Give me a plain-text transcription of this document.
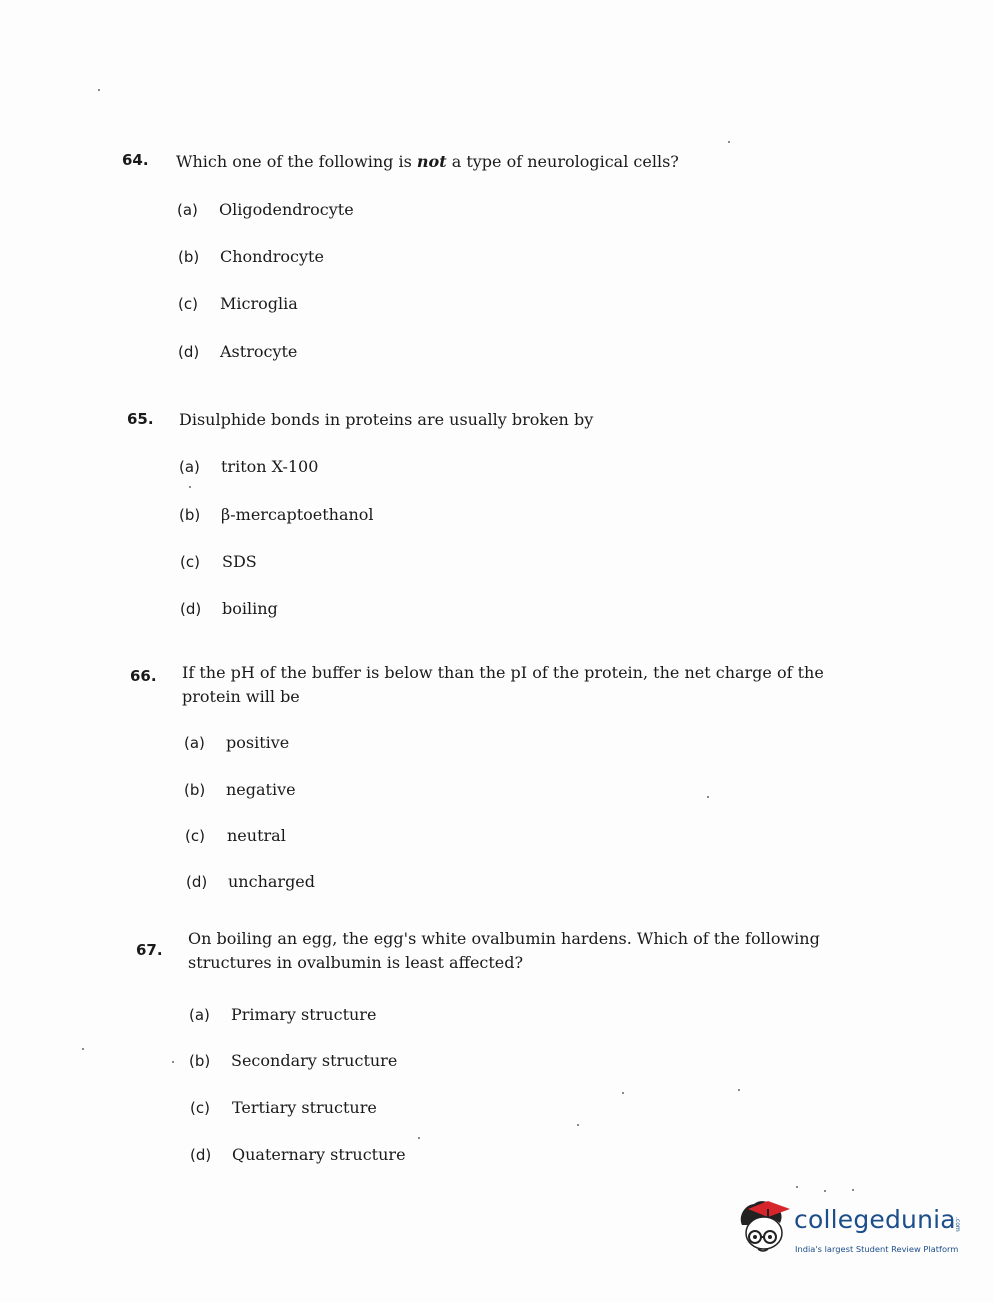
64. Which one of the following is not a type of neurological cells?
(a) Oligodendrocyte
(b) Chondrocyte
(c) Microglia
(d) Astrocyte
65. Disulphide bonds in proteins are usually broken by
(a) triton X-100
(b) β-mercaptoethanol
(c) SDS
(d) boiling
66. If the pH of the buffer is below than the pI of the protein, the net charge of the protein will be
(a) positive
(b) negative
(c) neutral
(d) uncharged
67.
On boiling an egg, the egg's white ovalbumin hardens. Which of the following structures in ovalbumin is least affected?
(a) Primary structure
(b) Secondary structure
(c) Tertiary structure
(d) Quaternary structure
collegedunia
.com
India's largest Student Review Platform
